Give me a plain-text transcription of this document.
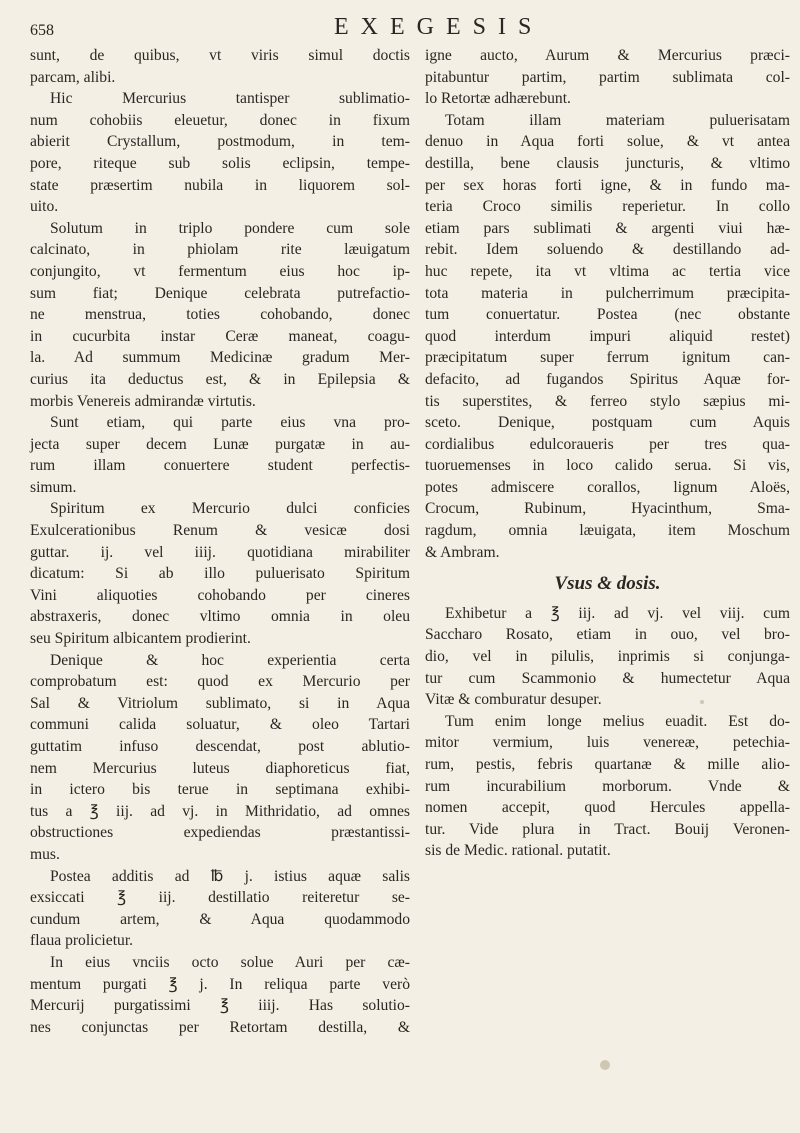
658	EXEGESIS
sunt, de quibus, vt viris simul doctis
parcam, alibi.
Hic Mercurius tantisper sublimatio-
num cohobiis eleuetur, donec in fixum
abierit Crystallum, postmodum, in tem-
pore, riteque sub solis eclipsin, tempe-
state præsertim nubila in liquorem sol-
uito.
Solutum in triplo pondere cum sole
calcinato, in phiolam rite læuigatum
conjungito, vt fermentum eius hoc ip-
sum fiat; Denique celebrata putrefactio-
ne menstrua, toties cohobando, donec
in cucurbita instar Ceræ maneat, coagu-
la. Ad summum Medicinæ gradum Mer-
curius ita deductus est, & in Epilepsia &
morbis Venereis admirandæ virtutis.
Sunt etiam, qui parte eius vna pro-
jecta super decem Lunæ purgatæ in au-
rum illam conuertere student perfectis-
simum.
Spiritum ex Mercurio dulci conficies
Exulcerationibus Renum & vesicæ dosi
guttar. ij. vel iiij. quotidiana mirabiliter
dicatum: Si ab illo puluerisato Spiritum
Vini aliquoties cohobando per cineres
abstraxeris, donec vltimo omnia in oleu
seu Spiritum albicantem prodierint.
Denique & hoc experientia certa
comprobatum est: quod ex Mercurio per
Sal & Vitriolum sublimato, si in Aqua
communi calida soluatur, & oleo Tartari
guttatim infuso descendat, post ablutio-
nem Mercurius luteus diaphoreticus fiat,
in ictero bis terue in septimana exhibi-
tus a ℥ iij. ad vj. in Mithridatio, ad omnes
obstructiones expediendas præstantissi-
mus.
Postea additis ad ℔ j. istius aquæ salis
exsiccati ℥ iij. destillatio reiteretur se-
cundum artem, & Aqua quodammodo
flaua prolicietur.
In eius vnciis octo solue Auri per cæ-
mentum purgati ℥ j. In reliqua parte verò
Mercurij purgatissimi ℥ iiij. Has solutio-
nes conjunctas per Retortam destilla, &
igne aucto, Aurum & Mercurius præci-
pitabuntur partim, partim sublimata col-
lo Retortæ adhærebunt.
Totam illam materiam puluerisatam
denuo in Aqua forti solue, & vt antea
destilla, bene clausis juncturis, & vltimo
per sex horas forti igne, & in fundo ma-
teria Croco similis reperietur. In collo
etiam pars sublimati & argenti viui hæ-
rebit. Idem soluendo & destillando ad-
huc repete, ita vt vltima ac tertia vice
tota materia in pulcherrimum præcipita-
tum conuertatur. Postea (nec obstante
quod interdum impuri aliquid restet)
præcipitatum super ferrum ignitum can-
defacito, ad fugandos Spiritus Aquæ for-
tis superstites, & ferreo stylo sæpius mi-
sceto. Denique, postquam cum Aquis
cordialibus edulcoraueris per tres qua-
tuoruemenses in loco calido serua. Si vis,
potes admiscere corallos, lignum Aloës,
Crocum, Rubinum, Hyacinthum, Sma-
ragdum, omnia læuigata, item Moschum
& Ambram.
Vsus & dosis.
Exhibetur a ℥ iij. ad vj. vel viij. cum
Saccharo Rosato, etiam in ouo, vel bro-
dio, vel in pilulis, inprimis si conjunga-
tur cum Scammonio & humectetur Aqua
Vitæ & comburatur desuper.
Tum enim longe melius euadit. Est do-
mitor vermium, luis venereæ, petechia-
rum, pestis, febris quartanæ & mille alio-
rum incurabilium morborum. Vnde &
nomen accepit, quod Hercules appella-
tur. Vide plura in Tract. Bouij Veronen-
sis de Medic. rational. putatit.
